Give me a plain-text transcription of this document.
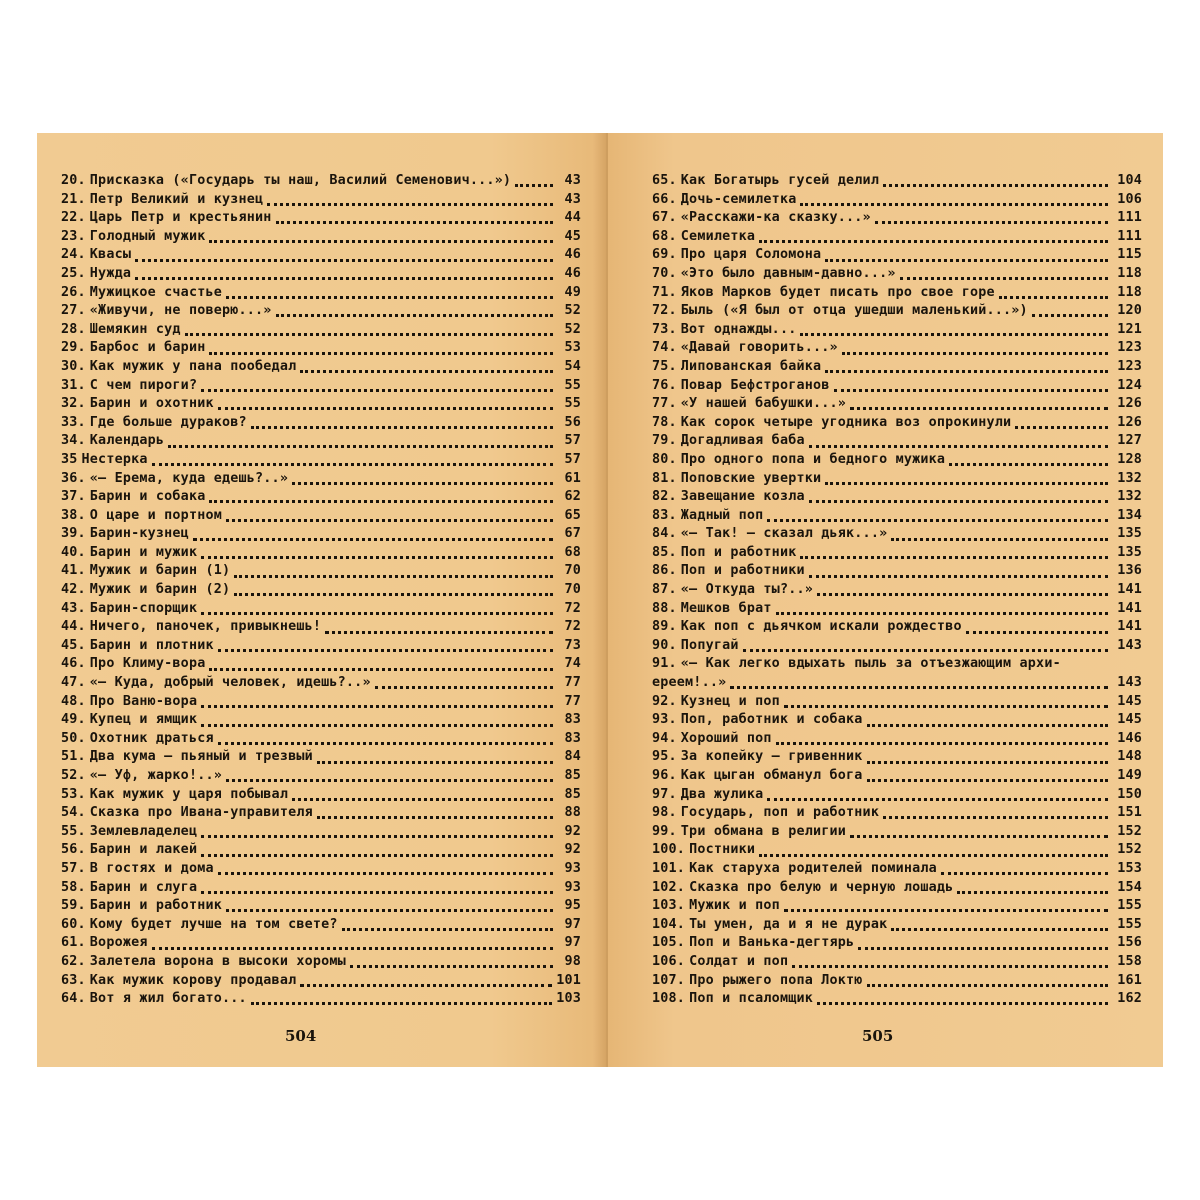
20. Присказка («Государь ты наш, Василий Семенович...»)	43
21. Петр Великий и кузнец	43
22. Царь Петр и крестьянин	44
23. Голодный мужик	45
24. Квасы	46
25. Нужда	46
26. Мужицкое счастье	49
27. «Живучи, не поверю...»	52
28. Шемякин суд	52
29. Барбос и барин	53
30. Как мужик у пана пообедал	54
31. С чем пироги?	55
32. Барин и охотник	55
33. Где больше дураков?	56
34. Календарь	57
35 Нестерка	57
36. «— Ерема, куда едешь?..»	61
37. Барин и собака	62
38. О царе и портном	65
39. Барин-кузнец	67
40. Барин и мужик	68
41. Мужик и барин (1)	70
42. Мужик и барин (2)	70
43. Барин-спорщик	72
44. Ничего, паночек, привыкнешь!	72
45. Барин и плотник	73
46. Про Климу-вора	74
47. «— Куда, добрый человек, идешь?..»	77
48. Про Ваню-вора	77
49. Купец и ямщик	83
50. Охотник драться	83
51. Два кума — пьяный и трезвый	84
52. «— Уф, жарко!..»	85
53. Как мужик у царя побывал	85
54. Сказка про Ивана-управителя	88
55. Землевладелец	92
56. Барин и лакей	92
57. В гостях и дома	93
58. Барин и слуга	93
59. Барин и работник	95
60. Кому будет лучше на том свете?	97
61. Ворожея	97
62. Залетела ворона в высоки хоромы	98
63. Как мужик корову продавал	101
64. Вот я жил богато...	103
504
65. Как Богатырь гусей делил	104
66. Дочь-семилетка	106
67. «Расскажи-ка сказку...»	111
68. Семилетка	111
69. Про царя Соломона	115
70. «Это было давным-давно...»	118
71. Яков Марков будет писать про свое горе	118
72. Быль («Я был от отца ушедши маленький...»)	120
73. Вот однажды...	121
74. «Давай говорить...»	123
75. Липованская байка	123
76. Повар Бефстроганов	124
77. «У нашей бабушки...»	126
78. Как сорок четыре угодника воз опрокинули	126
79. Догадливая баба	127
80. Про одного попа и бедного мужика	128
81. Поповские увертки	132
82. Завещание козла	132
83. Жадный поп	134
84. «— Так! — сказал дьяк...»	135
85. Поп и работник	135
86. Поп и работники	136
87. «— Откуда ты?..»	141
88. Мешков брат	141
89. Как поп с дьячком искали рождество	141
90. Попугай	143
91. «— Как легко вдыхать пыль за отъезжающим архи-
ереем!..»	143
92. Кузнец и поп	145
93. Поп, работник и собака	145
94. Хороший поп	146
95. За копейку — гривенник	148
96. Как цыган обманул бога	149
97. Два жулика	150
98. Государь, поп и работник	151
99. Три обмана в религии	152
100. Постники	152
101. Как старуха родителей поминала	153
102. Сказка про белую и черную лошадь	154
103. Мужик и поп	155
104. Ты умен, да и я не дурак	155
105. Поп и Ванька-дегтярь	156
106. Солдат и поп	158
107. Про рыжего попа Локтю	161
108. Поп и псаломщик	162
505
